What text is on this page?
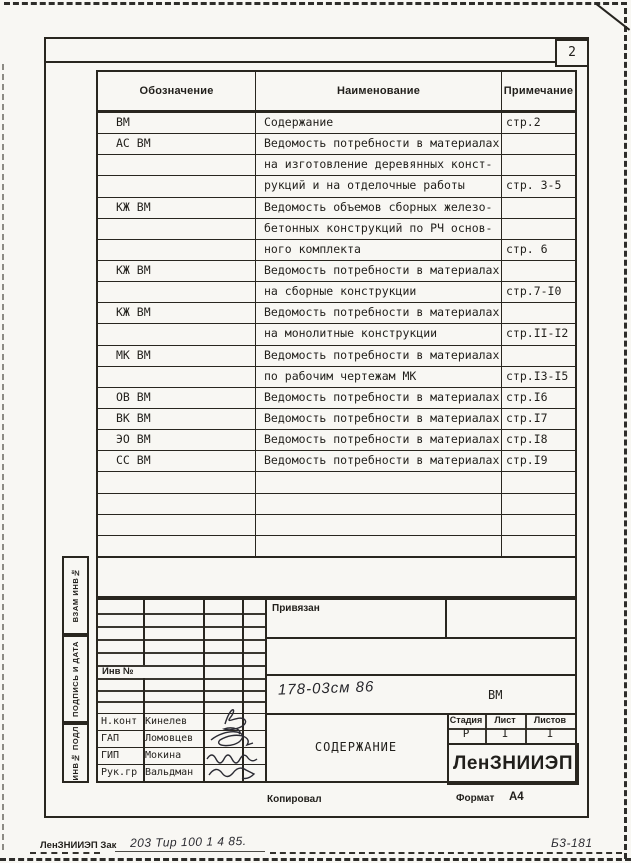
2
Обозначение	Наименование	Примечание
ВМ	Содержание	стр.2
АС ВМ	Ведомость потребности в материалах
на изготовление деревянных конст-
рукций и на отделочные работы	стр. 3-5
КЖ ВМ	Ведомость объемов сборных железо-
бетонных конструкций по РЧ основ-
ного комплекта	стр. 6
КЖ ВМ	Ведомость потребности в материалах
на сборные конструкции	стр.7-I0
КЖ ВМ	Ведомость потребности в материалах
на монолитные конструкции	стр.II-I2
МК ВМ	Ведомость потребности в материалах
по рабочим чертежам МК	стр.I3-I5
ОВ ВМ	Ведомость потребности в материалах стр.I6
ВК ВМ	Ведомость потребности в материалах стр.I7
ЭО ВМ	Ведомость потребности в материалах стр.I8
СС ВМ	Ведомость потребности в материалах стр.I9
ВЗАМ ИНВ№
ПОДПИСЬ И ДАТА
ИНВ№ ПОДЛ
Привязан
Инв №
178-03см 86	ВМ
СОДЕРЖАНИЕ
Стадия	Лист	Листов
Р	I	I
ЛенЗНИИЭП
Н.конт Кинелев
ГАП	Ломовцев
ГИП	Мокина
Рук.гр Вальдман
Копировал	Формат А4
ЛенЗНИИЭП Зак 203 Тир 100 1 4 85.	Б3-181
